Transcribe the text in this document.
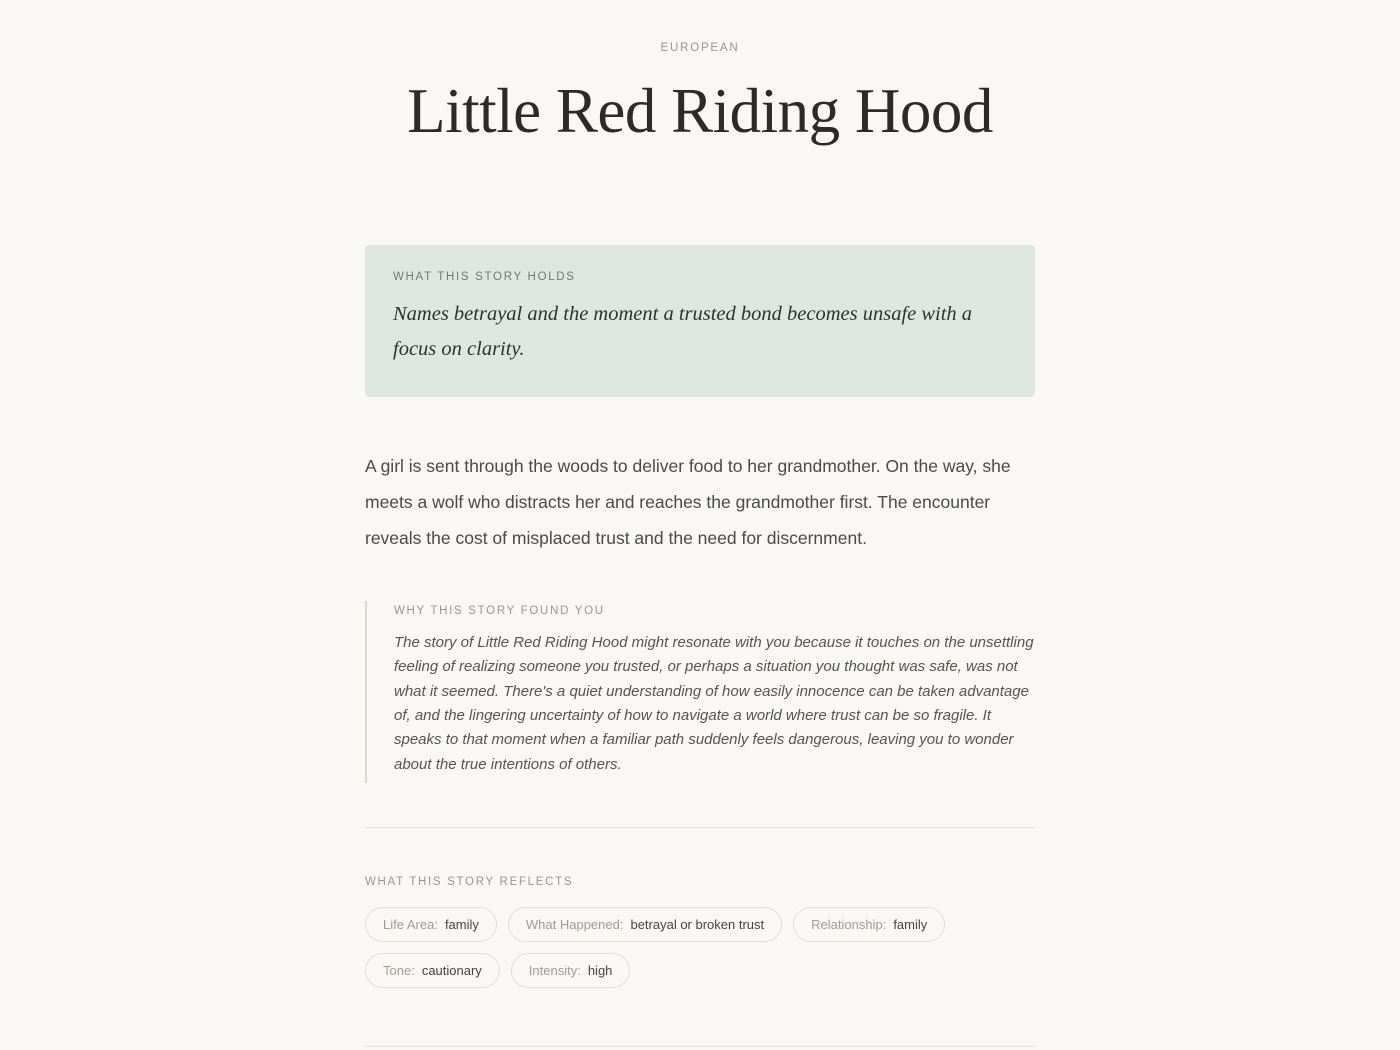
EUROPEAN
Little Red Riding Hood
WHAT THIS STORY HOLDS
Names betrayal and the moment a trusted bond becomes unsafe with a focus on clarity.
A girl is sent through the woods to deliver food to her grandmother. On the way, she meets a wolf who distracts her and reaches the grandmother first. The encounter reveals the cost of misplaced trust and the need for discernment.
WHY THIS STORY FOUND YOU
The story of Little Red Riding Hood might resonate with you because it touches on the unsettling feeling of realizing someone you trusted, or perhaps a situation you thought was safe, was not what it seemed. There's a quiet understanding of how easily innocence can be taken advantage of, and the lingering uncertainty of how to navigate a world where trust can be so fragile. It speaks to that moment when a familiar path suddenly feels dangerous, leaving you to wonder about the true intentions of others.
WHAT THIS STORY REFLECTS
Life Area: family	What Happened: betrayal or broken trust	Relationship: family
Tone: cautionary	Intensity: high
